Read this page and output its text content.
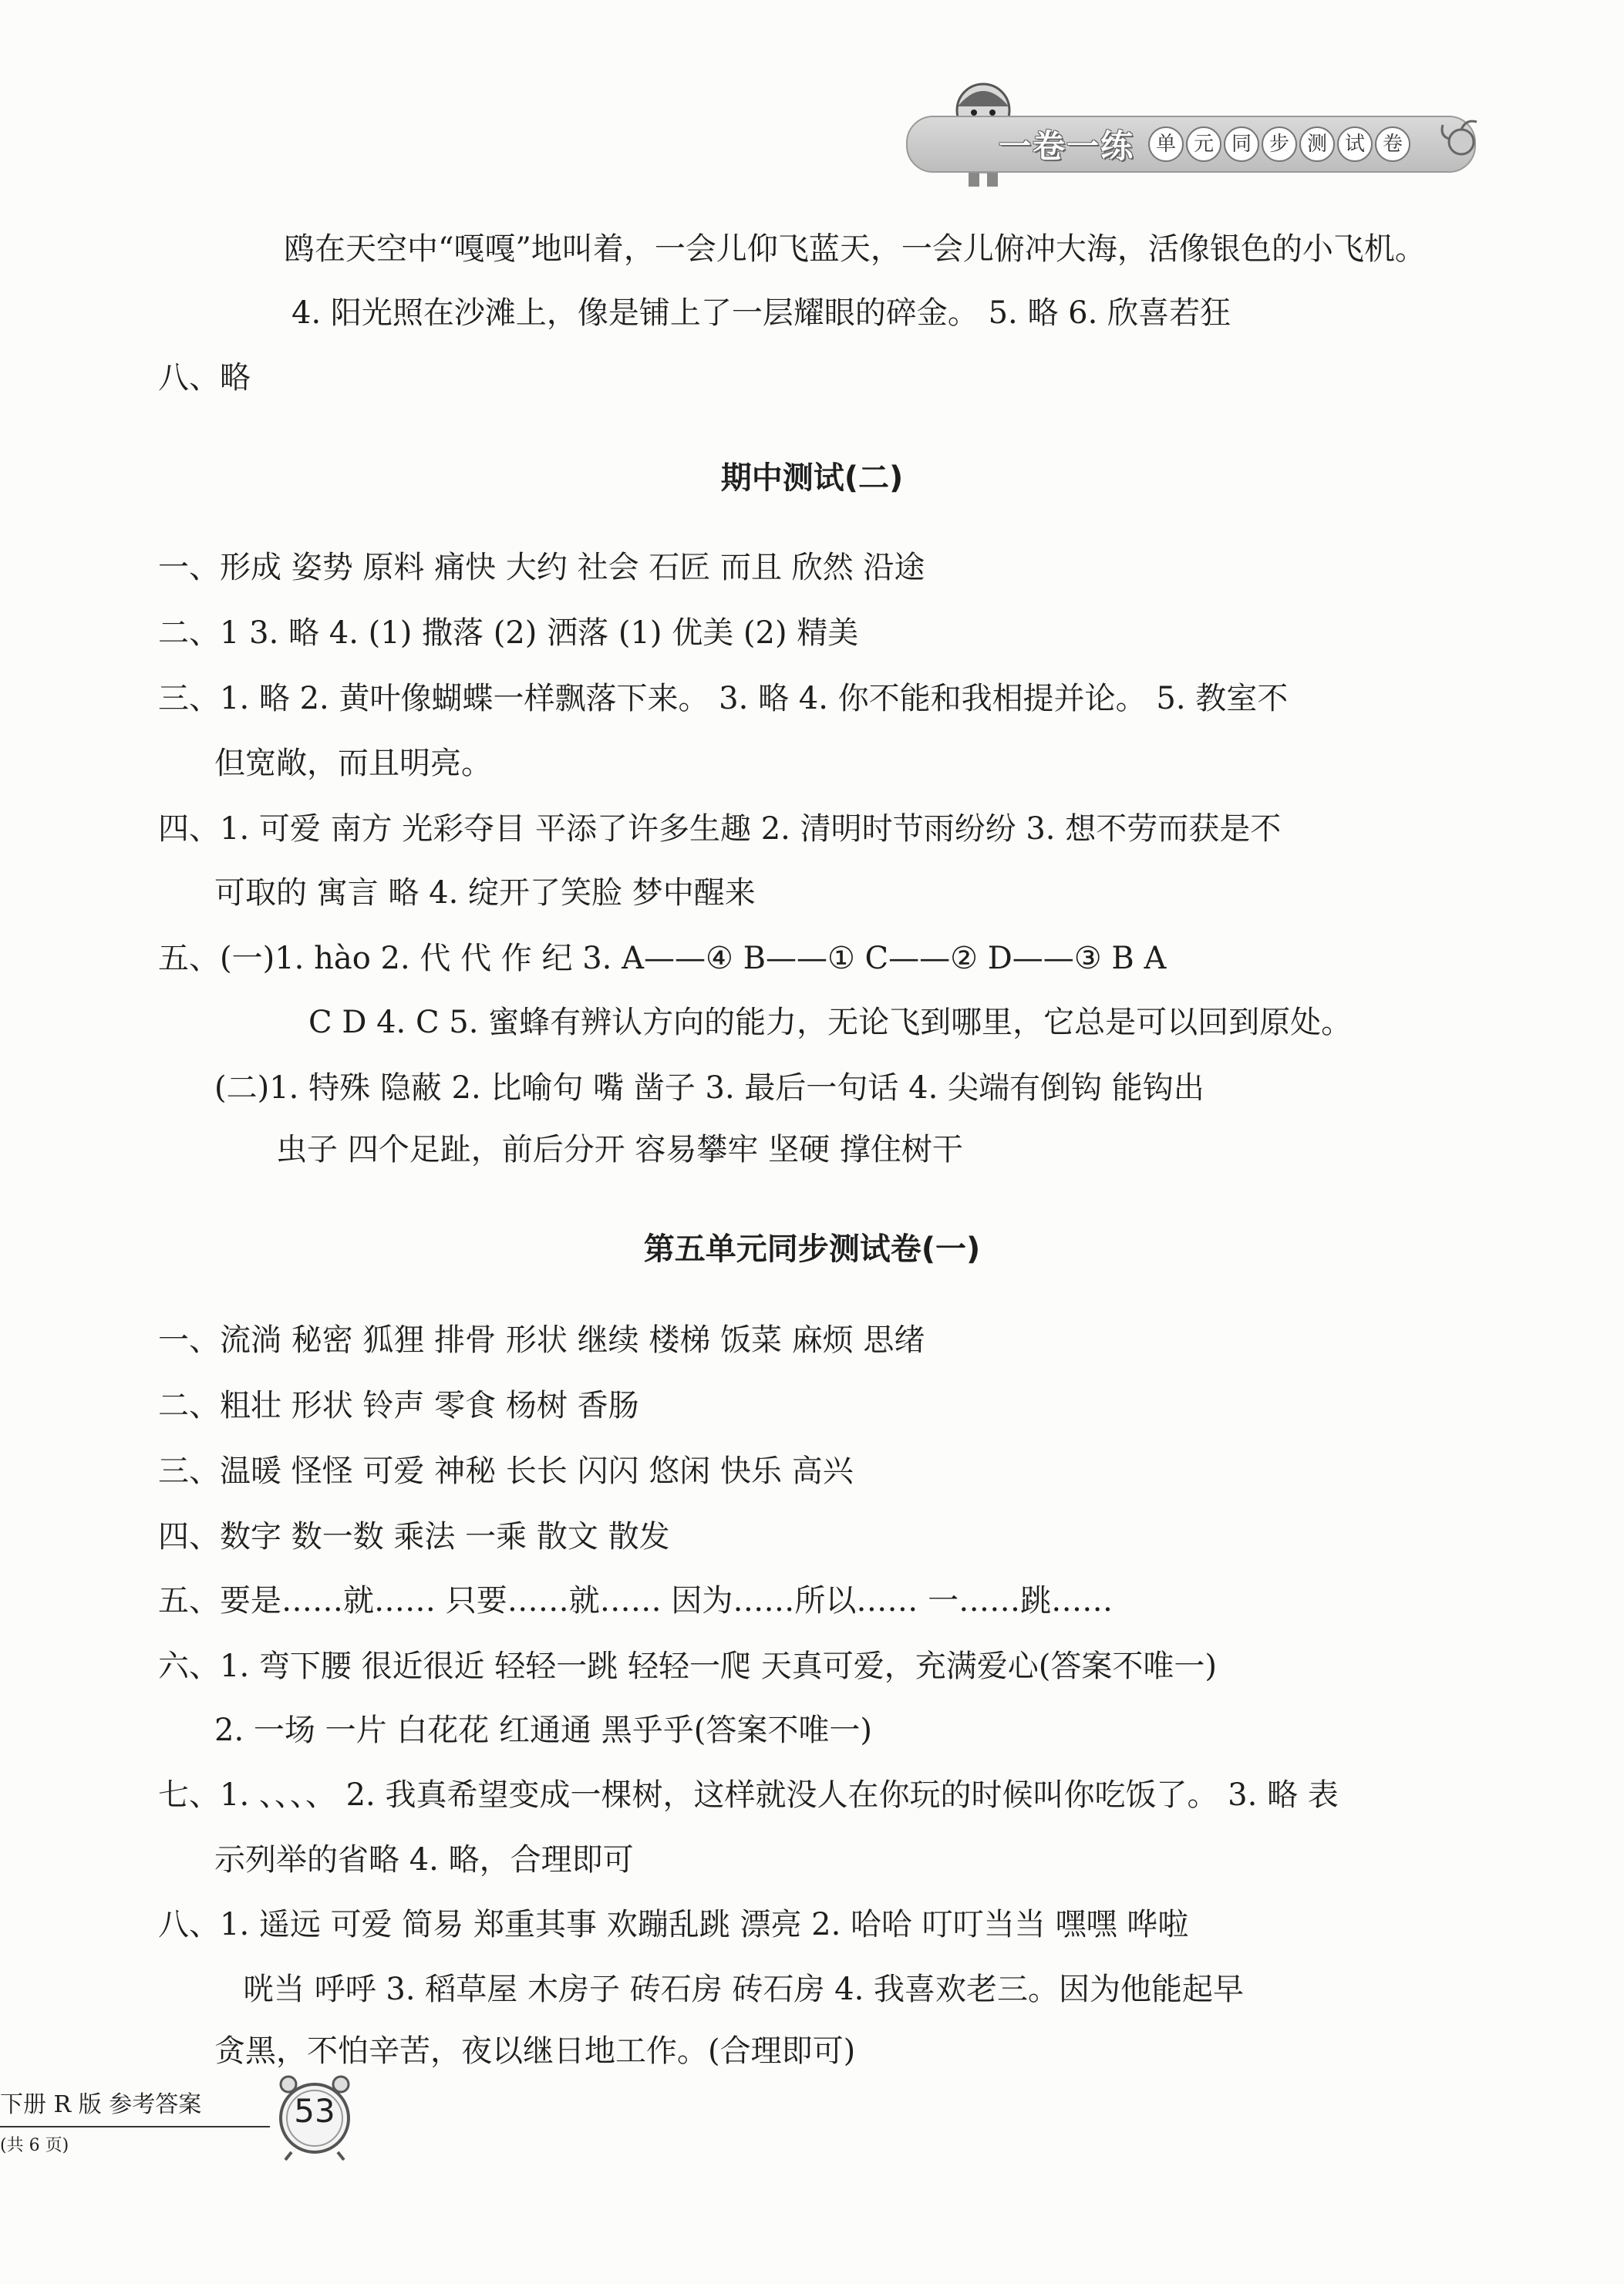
一卷一练	单 元 同 步 测 试 卷
鸥在天空中“嘎嘎”地叫着，一会儿仰飞蓝天，一会儿俯冲大海，活像银色的小飞机。
4. 阳光照在沙滩上，像是铺上了一层耀眼的碎金。 5. 略 6. 欣喜若狂
八、略
期中测试(二)
一、形成 姿势 原料 痛快 大约 社会 石匠 而且 欣然 沿途
二、1 3. 略 4. (1) 撒落 (2) 洒落 (1) 优美 (2) 精美
三、1. 略 2. 黄叶像蝴蝶一样飘落下来。 3. 略 4. 你不能和我相提并论。 5. 教室不
但宽敞，而且明亮。
四、1. 可爱 南方 光彩夺目 平添了许多生趣 2. 清明时节雨纷纷 3. 想不劳而获是不
可取的 寓言 略 4. 绽开了笑脸 梦中醒来
五、(一)1. hào 2. 代 代 作 纪 3. A——④ B——① C——② D——③ B A
C D 4. C 5. 蜜蜂有辨认方向的能力，无论飞到哪里，它总是可以回到原处。
(二)1. 特殊 隐蔽 2. 比喻句 嘴 凿子 3. 最后一句话 4. 尖端有倒钩 能钩出
虫子 四个足趾，前后分开 容易攀牢 坚硬 撑住树干
第五单元同步测试卷(一)
一、流淌 秘密 狐狸 排骨 形状 继续 楼梯 饭菜 麻烦 思绪
二、粗壮 形状 铃声 零食 杨树 香肠
三、温暖 怪怪 可爱 神秘 长长 闪闪 悠闲 快乐 高兴
四、数字 数一数 乘法 一乘 散文 散发
五、要是……就…… 只要……就…… 因为……所以…… 一……跳……
六、1. 弯下腰 很近很近 轻轻一跳 轻轻一爬 天真可爱，充满爱心(答案不唯一)
2. 一场 一片 白花花 红通通 黑乎乎(答案不唯一)
七、1. 、、、、 2. 我真希望变成一棵树，这样就没人在你玩的时候叫你吃饭了。 3. 略 表
示列举的省略 4. 略，合理即可
八、1. 遥远 可爱 简易 郑重其事 欢蹦乱跳 漂亮 2. 哈哈 叮叮当当 嘿嘿 哗啦
咣当 呼呼 3. 稻草屋 木房子 砖石房 砖石房 4. 我喜欢老三。因为他能起早
贪黑，不怕辛苦，夜以继日地工作。(合理即可)
下册 R 版 参考答案
(共 6 页)
53
